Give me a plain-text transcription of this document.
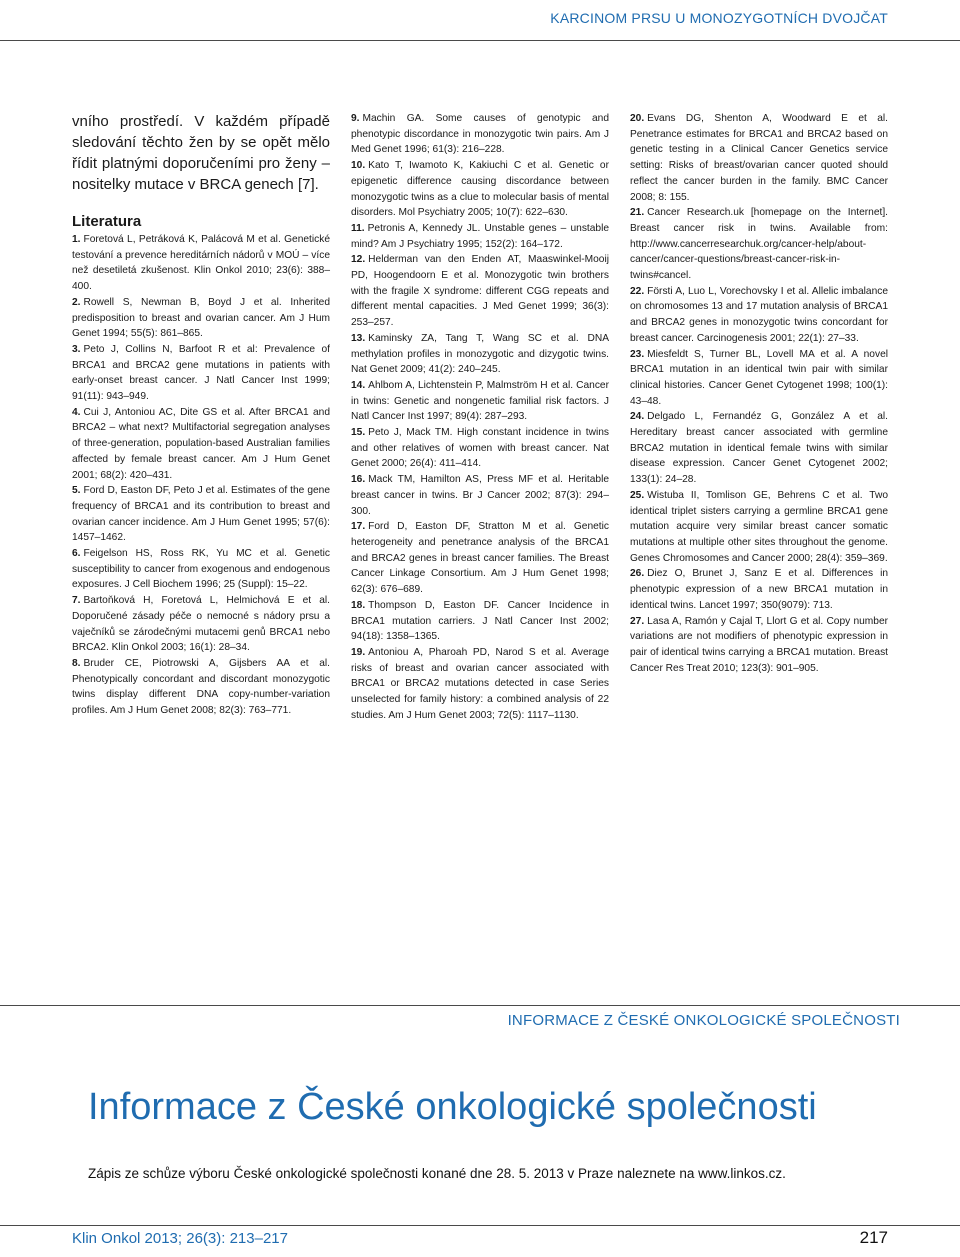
KARCINOM PRSU U MONOZYGOTNÍCH DVOJČAT

vního prostředí. V každém případě sledování těchto žen by se opět mělo řídit platnými doporučeními pro ženy – nositelky mutace v BRCA genech [7].

Literatura

1. Foretová L, Petráková K, Palácová M et al. Genetické testování a prevence hereditárních nádorů v MOÚ – více než desetiletá zkušenost. Klin Onkol 2010; 23(6): 388–400.

2. Rowell S, Newman B, Boyd J et al. Inherited predisposition to breast and ovarian cancer. Am J Hum Genet 1994; 55(5): 861–865.

3. Peto J, Collins N, Barfoot R et al: Prevalence of BRCA1 and BRCA2 gene mutations in patients with early-onset breast cancer. J Natl Cancer Inst 1999; 91(11): 943–949.

4. Cui J, Antoniou AC, Dite GS et al. After BRCA1 and BRCA2 – what next? Multifactorial segregation analyses of three-generation, population-based Australian families affected by female breast cancer. Am J Hum Genet 2001; 68(2): 420–431.

5. Ford D, Easton DF, Peto J et al. Estimates of the gene frequency of BRCA1 and its contribution to breast and ovarian cancer incidence. Am J Hum Genet 1995; 57(6): 1457–1462.

6. Feigelson HS, Ross RK, Yu MC et al. Genetic susceptibility to cancer from exogenous and endogenous exposures. J Cell Biochem 1996; 25 (Suppl): 15–22.

7. Bartoňková H, Foretová L, Helmichová E et al. Doporučené zásady péče o nemocné s nádory prsu a vaječníků se zárodečnými mutacemi genů BRCA1 nebo BRCA2. Klin Onkol 2003; 16(1): 28–34.

8. Bruder CE, Piotrowski A, Gijsbers AA et al. Phenotypically concordant and discordant monozygotic twins display different DNA copy-number-variation profiles. Am J Hum Genet 2008; 82(3): 763–771.

9. Machin GA. Some causes of genotypic and phenotypic discordance in monozygotic twin pairs. Am J Med Genet 1996; 61(3): 216–228.

10. Kato T, Iwamoto K, Kakiuchi C et al. Genetic or epigenetic difference causing discordance between monozygotic twins as a clue to molecular basis of mental disorders. Mol Psychiatry 2005; 10(7): 622–630.

11. Petronis A, Kennedy JL. Unstable genes – unstable mind? Am J Psychiatry 1995; 152(2): 164–172.

12. Helderman van den Enden AT, Maaswinkel-Mooij PD, Hoogendoorn E et al. Monozygotic twin brothers with the fragile X syndrome: different CGG repeats and different mental capacities. J Med Genet 1999; 36(3): 253–257.

13. Kaminsky ZA, Tang T, Wang SC et al. DNA methylation profiles in monozygotic and dizygotic twins. Nat Genet 2009; 41(2): 240–245.

14. Ahlbom A, Lichtenstein P, Malmström H et al. Cancer in twins: Genetic and nongenetic familial risk factors. J Natl Cancer Inst 1997; 89(4): 287–293.

15. Peto J, Mack TM. High constant incidence in twins and other relatives of women with breast cancer. Nat Genet 2000; 26(4): 411–414.

16. Mack TM, Hamilton AS, Press MF et al. Heritable breast cancer in twins. Br J Cancer 2002; 87(3): 294–300.

17. Ford D, Easton DF, Stratton M et al. Genetic heterogeneity and penetrance analysis of the BRCA1 and BRCA2 genes in breast cancer families. The Breast Cancer Linkage Consortium. Am J Hum Genet 1998; 62(3): 676–689.

18. Thompson D, Easton DF. Cancer Incidence in BRCA1 mutation carriers. J Natl Cancer Inst 2002; 94(18): 1358–1365.

19. Antoniou A, Pharoah PD, Narod S et al. Average risks of breast and ovarian cancer associated with BRCA1 or BRCA2 mutations detected in case Series unselected for family history: a combined analysis of 22 studies. Am J Hum Genet 2003; 72(5): 1117–1130.

20. Evans DG, Shenton A, Woodward E et al. Penetrance estimates for BRCA1 and BRCA2 based on genetic testing in a Clinical Cancer Genetics service setting: Risks of breast/ovarian cancer quoted should reflect the cancer burden in the family. BMC Cancer 2008; 8: 155.

21. Cancer Research.uk [homepage on the Internet]. Breast cancer risk in twins. Available from: http://www.cancerresearchuk.org/cancer-help/about-cancer/cancer-questions/breast-cancer-risk-in-twins#cancel.

22. Försti A, Luo L, Vorechovsky I et al. Allelic imbalance on chromosomes 13 and 17 mutation analysis of BRCA1 and BRCA2 genes in monozygotic twins concordant for breast cancer. Carcinogenesis 2001; 22(1): 27–33.

23. Miesfeldt S, Turner BL, Lovell MA et al. A novel BRCA1 mutation in an identical twin pair with similar clinical histories. Cancer Genet Cytogenet 1998; 100(1): 43–48.

24. Delgado L, Fernandéz G, González A et al. Hereditary breast cancer associated with germline BRCA2 mutation in identical female twins with similar disease expression. Cancer Genet Cytogenet 2002; 133(1): 24–28.

25. Wistuba II, Tomlison GE, Behrens C et al. Two identical triplet sisters carrying a germline BRCA1 gene mutation acquire very similar breast cancer somatic mutations at multiple other sites throughout the genome. Genes Chromosomes and Cancer 2000; 28(4): 359–369.

26. Diez O, Brunet J, Sanz E et al. Differences in phenotypic expression of a new BRCA1 mutation in identical twins. Lancet 1997; 350(9079): 713.

27. Lasa A, Ramón y Cajal T, Llort G et al. Copy number variations are not modifiers of phenotypic expression in pair of identical twins carrying a BRCA1 mutation. Breast Cancer Res Treat 2010; 123(3): 901–905.

INFORMACE Z ČESKÉ ONKOLOGICKÉ SPOLEČNOSTI
Informace z České onkologické společnosti
Zápis ze schůze výboru České onkologické společnosti konané dne 28. 5. 2013 v Praze naleznete na www.linkos.cz.
Klin Onkol 2013; 26(3): 213–217	217
